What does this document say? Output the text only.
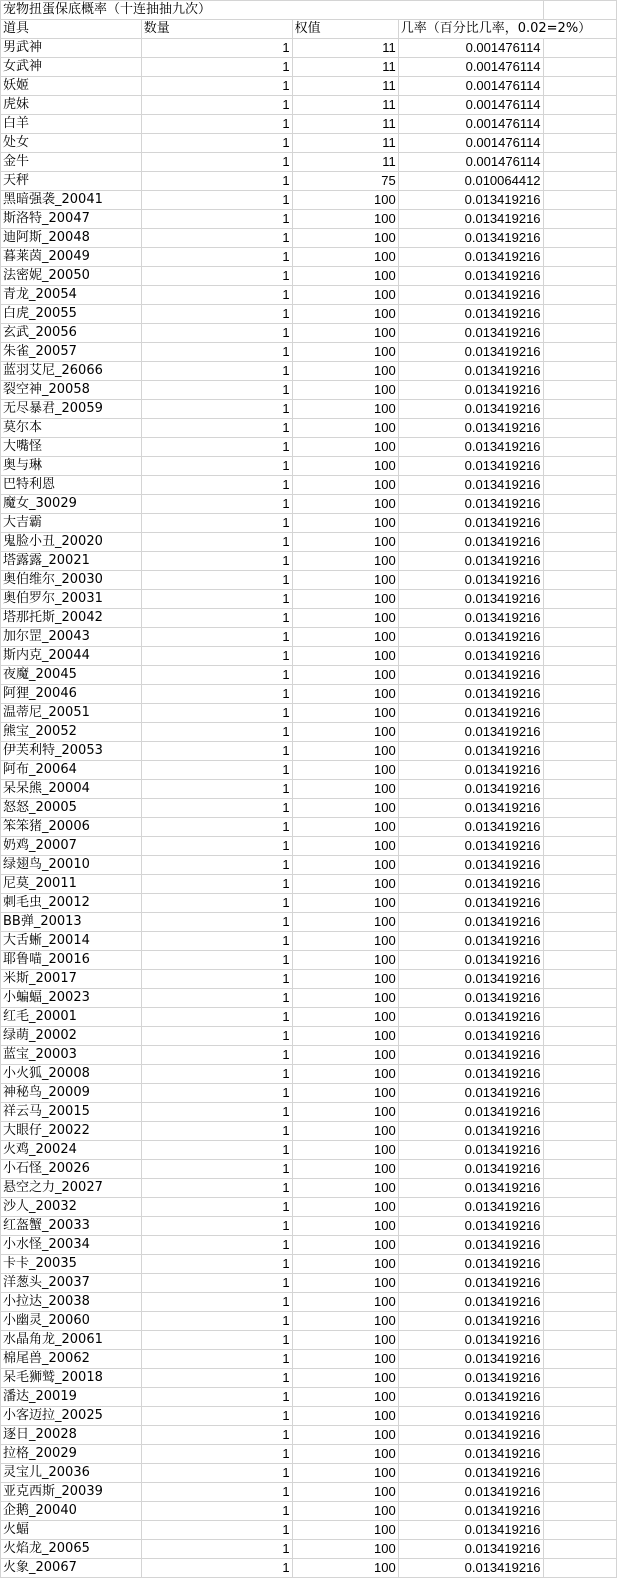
宠物扭蛋保底概率（十连抽抽九次）				
道具	数量	权值	几率（百分比几率，0.02=2%）	
男武神	1	11	0.001476114	
女武神	1	11	0.001476114	
妖姬	1	11	0.001476114	
虎妹	1	11	0.001476114	
白羊	1	11	0.001476114	
处女	1	11	0.001476114	
金牛	1	11	0.001476114	
天秤	1	75	0.010064412	
黑暗强袭_20041	1	100	0.013419216	
斯洛特_20047	1	100	0.013419216	
迪阿斯_20048	1	100	0.013419216	
暮莱茵_20049	1	100	0.013419216	
法密妮_20050	1	100	0.013419216	
青龙_20054	1	100	0.013419216	
白虎_20055	1	100	0.013419216	
玄武_20056	1	100	0.013419216	
朱雀_20057	1	100	0.013419216	
蓝羽艾尼_26066	1	100	0.013419216	
裂空神_20058	1	100	0.013419216	
无尽暴君_20059	1	100	0.013419216	
莫尔本	1	100	0.013419216	
大嘴怪	1	100	0.013419216	
奥与琳	1	100	0.013419216	
巴特利恩	1	100	0.013419216	
魔女_30029	1	100	0.013419216	
大吉霸	1	100	0.013419216	
鬼脸小丑_20020	1	100	0.013419216	
塔露露_20021	1	100	0.013419216	
奥伯维尔_20030	1	100	0.013419216	
奥伯罗尔_20031	1	100	0.013419216	
塔那托斯_20042	1	100	0.013419216	
加尔罡_20043	1	100	0.013419216	
斯内克_20044	1	100	0.013419216	
夜魔_20045	1	100	0.013419216	
阿狸_20046	1	100	0.013419216	
温蒂尼_20051	1	100	0.013419216	
熊宝_20052	1	100	0.013419216	
伊芙利特_20053	1	100	0.013419216	
阿布_20064	1	100	0.013419216	
呆呆熊_20004	1	100	0.013419216	
怒怒_20005	1	100	0.013419216	
笨笨猪_20006	1	100	0.013419216	
奶鸡_20007	1	100	0.013419216	
绿翅鸟_20010	1	100	0.013419216	
尼莫_20011	1	100	0.013419216	
刺毛虫_20012	1	100	0.013419216	
BB弹_20013	1	100	0.013419216	
大舌蜥_20014	1	100	0.013419216	
耶鲁喵_20016	1	100	0.013419216	
米斯_20017	1	100	0.013419216	
小蝙蝠_20023	1	100	0.013419216	
红毛_20001	1	100	0.013419216	
绿萌_20002	1	100	0.013419216	
蓝宝_20003	1	100	0.013419216	
小火狐_20008	1	100	0.013419216	
神秘鸟_20009	1	100	0.013419216	
祥云马_20015	1	100	0.013419216	
大眼仔_20022	1	100	0.013419216	
火鸡_20024	1	100	0.013419216	
小石怪_20026	1	100	0.013419216	
悬空之力_20027	1	100	0.013419216	
沙人_20032	1	100	0.013419216	
红盔蟹_20033	1	100	0.013419216	
小水怪_20034	1	100	0.013419216	
卡卡_20035	1	100	0.013419216	
洋葱头_20037	1	100	0.013419216	
小拉达_20038	1	100	0.013419216	
小幽灵_20060	1	100	0.013419216	
水晶角龙_20061	1	100	0.013419216	
棉尾兽_20062	1	100	0.013419216	
呆毛狮鹫_20018	1	100	0.013419216	
潘达_20019	1	100	0.013419216	
小客迈拉_20025	1	100	0.013419216	
逐日_20028	1	100	0.013419216	
拉格_20029	1	100	0.013419216	
灵宝儿_20036	1	100	0.013419216	
亚克西斯_20039	1	100	0.013419216	
企鹅_20040	1	100	0.013419216	
火蝠	1	100	0.013419216	
火焰龙_20065	1	100	0.013419216	
火象_20067	1	100	0.013419216	
